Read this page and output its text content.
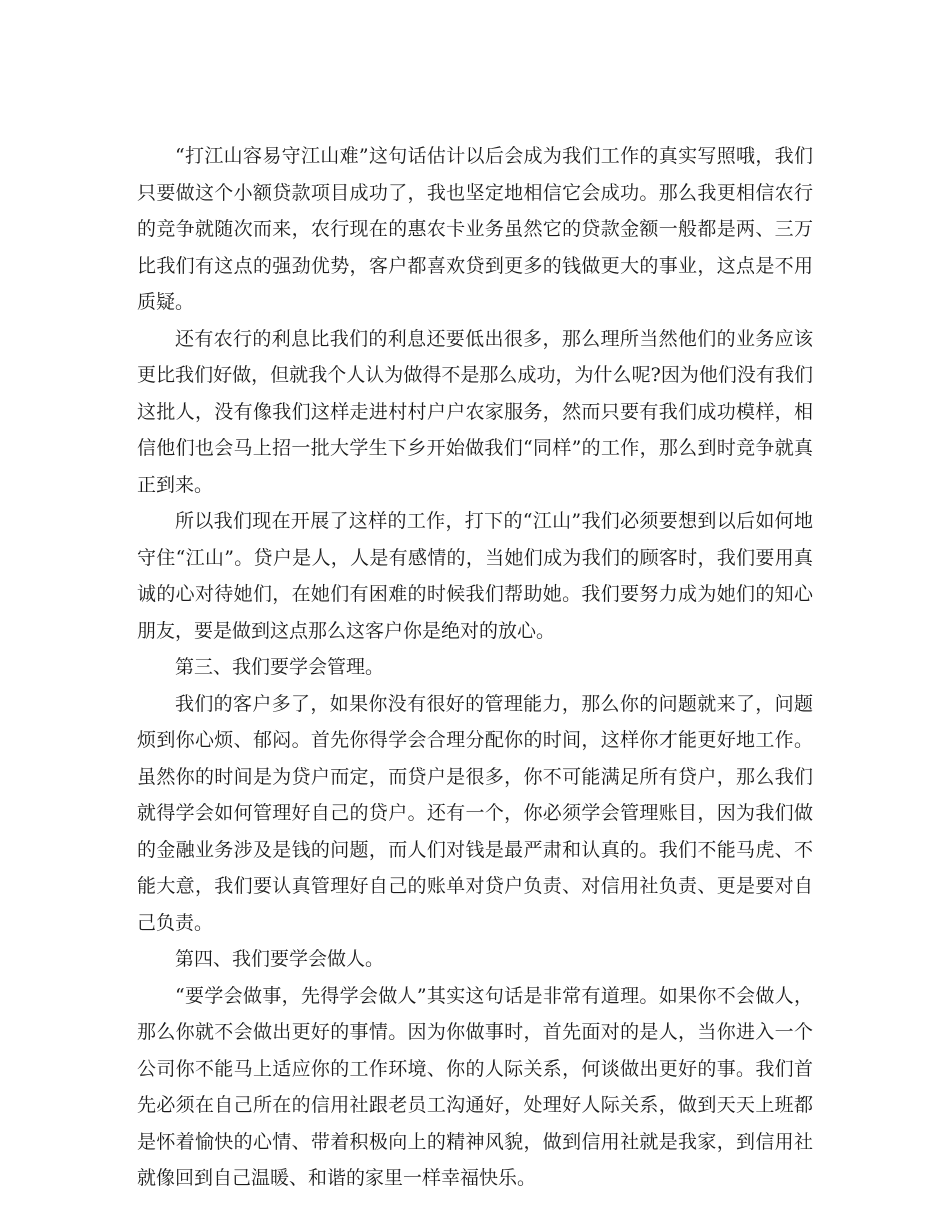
“打江山容易守江山难”这句话估计以后会成为我们工作的真实写照哦，我们只要做这个小额贷款项目成功了，我也坚定地相信它会成功。那么我更相信农行的竞争就随次而来，农行现在的惠农卡业务虽然它的贷款金额一般都是两、三万比我们有这点的强劲优势，客户都喜欢贷到更多的钱做更大的事业，这点是不用质疑。

还有农行的利息比我们的利息还要低出很多，那么理所当然他们的业务应该更比我们好做，但就我个人认为做得不是那么成功，为什么呢?因为他们没有我们这批人，没有像我们这样走进村村户户农家服务，然而只要有我们成功模样，相信他们也会马上招一批大学生下乡开始做我们“同样”的工作，那么到时竞争就真正到来。

所以我们现在开展了这样的工作，打下的“江山”我们必须要想到以后如何地守住“江山”。贷户是人，人是有感情的，当她们成为我们的顾客时，我们要用真诚的心对待她们，在她们有困难的时候我们帮助她。我们要努力成为她们的知心朋友，要是做到这点那么这客户你是绝对的放心。

第三、我们要学会管理。

我们的客户多了，如果你没有很好的管理能力，那么你的问题就来了，问题烦到你心烦、郁闷。首先你得学会合理分配你的时间，这样你才能更好地工作。虽然你的时间是为贷户而定，而贷户是很多，你不可能满足所有贷户，那么我们就得学会如何管理好自己的贷户。还有一个，你必须学会管理账目，因为我们做的金融业务涉及是钱的问题，而人们对钱是最严肃和认真的。我们不能马虎、不能大意，我们要认真管理好自己的账单对贷户负责、对信用社负责、更是要对自己负责。

第四、我们要学会做人。

“要学会做事，先得学会做人”其实这句话是非常有道理。如果你不会做人，那么你就不会做出更好的事情。因为你做事时，首先面对的是人，当你进入一个公司你不能马上适应你的工作环境、你的人际关系，何谈做出更好的事。我们首先必须在自己所在的信用社跟老员工沟通好，处理好人际关系，做到天天上班都是怀着愉快的心情、带着积极向上的精神风貌，做到信用社就是我家，到信用社就像回到自己温暖、和谐的家里一样幸福快乐。
